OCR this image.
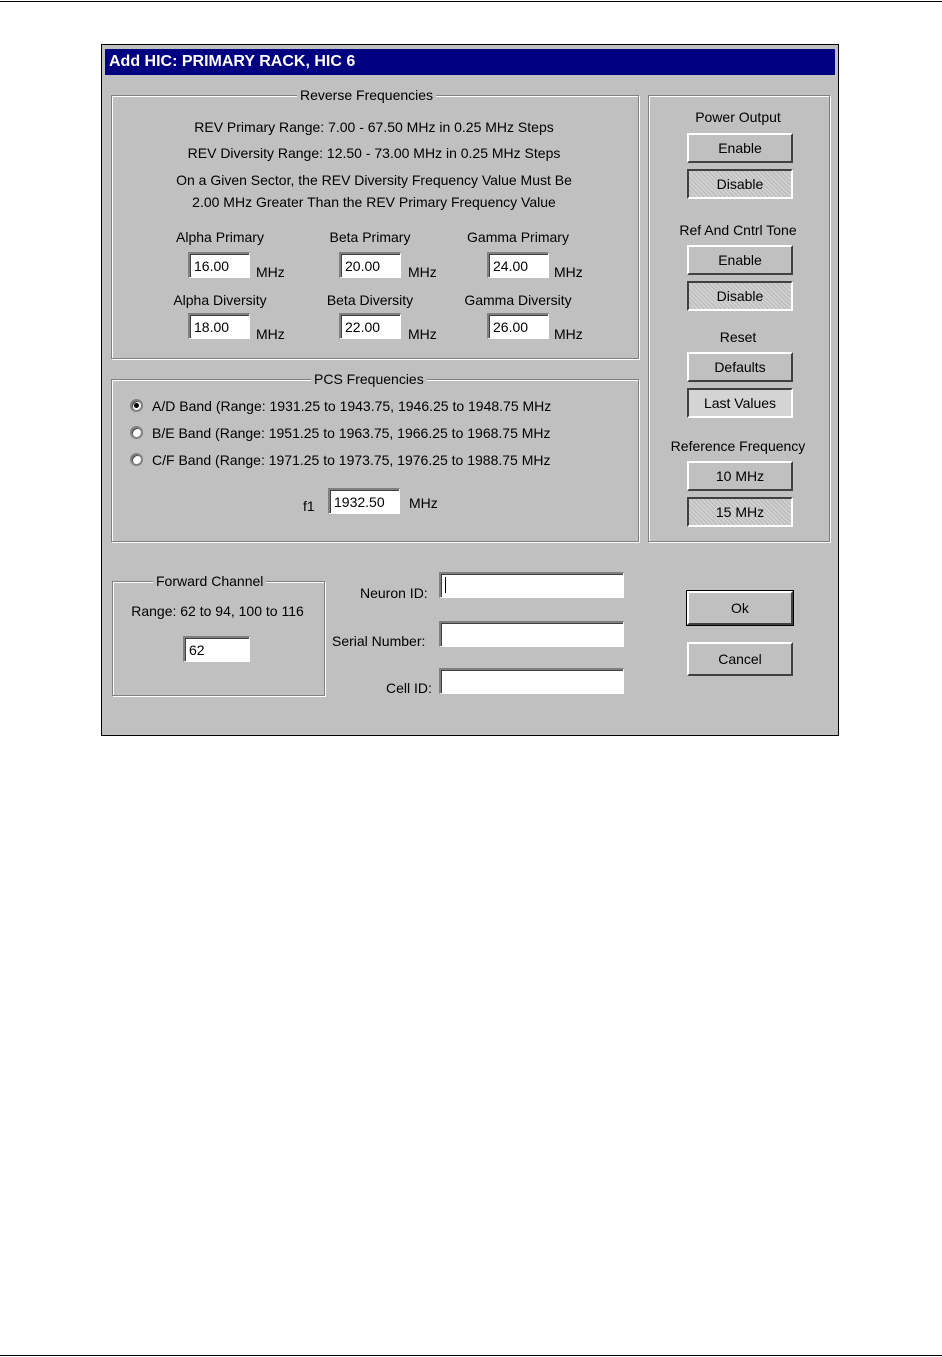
Add HIC: PRIMARY RACK, HIC 6
Reverse Frequencies
REV Primary Range: 7.00 - 67.50 MHz in 0.25 MHz Steps
REV Diversity Range: 12.50 - 73.00 MHz in 0.25 MHz Steps
On a Given Sector, the REV Diversity Frequency Value Must Be
2.00 MHz Greater Than the REV Primary Frequency Value
Alpha Primary
16.00
MHz
Beta Primary
20.00
MHz
Gamma Primary
24.00
MHz
Alpha Diversity
18.00
MHz
Beta Diversity
22.00
MHz
Gamma Diversity
26.00
MHz
PCS Frequencies
A/D Band (Range: 1931.25 to 1943.75, 1946.25 to 1948.75 MHz
B/E Band (Range: 1951.25 to 1963.75, 1966.25 to 1968.75 MHz
C/F Band (Range: 1971.25 to 1973.75, 1976.25 to 1988.75 MHz
f1
1932.50	MHz
Power Output
Enable
Disable
Ref And Cntrl Tone
Enable
Disable
Reset
Defaults
Last Values
Reference Frequency
10 MHz
15 MHz
Forward Channel
Range: 62 to 94, 100 to 116
62
Neuron ID:
Serial Number:
Cell ID:
Ok
Cancel
